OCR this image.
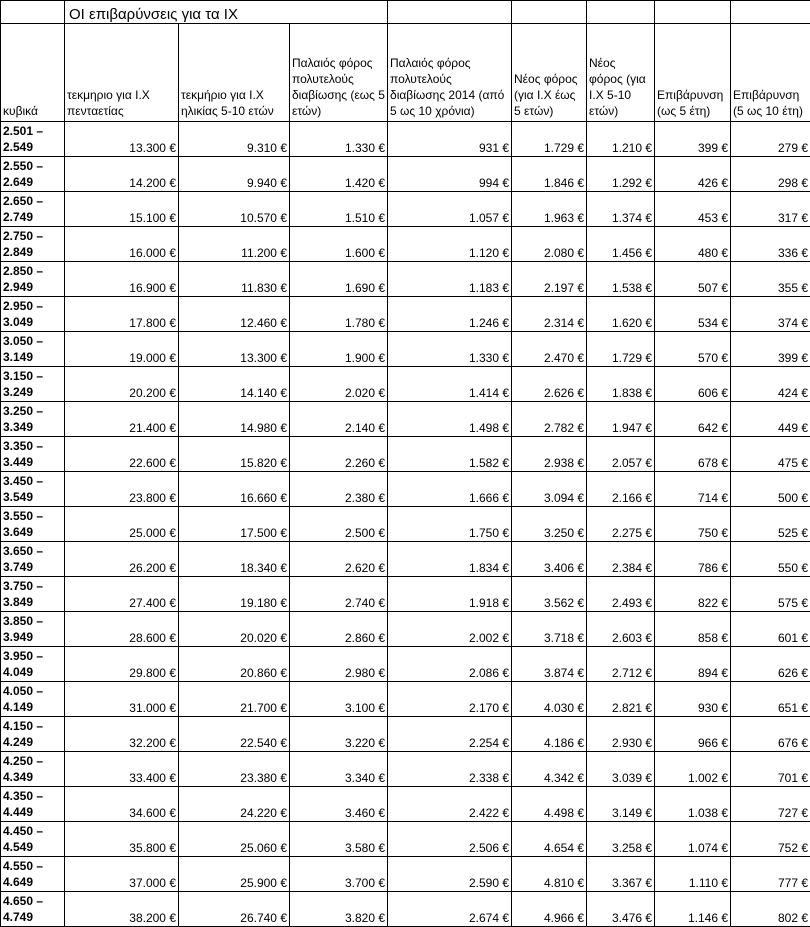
	ΟΙ επιβαρύνσεις για τα ΙΧ							
κυβικά	τεκμηριο για Ι.Χ πενταετίας	τεκμήριο για Ι.Χ ηλικίας 5-10 ετών	Παλαιός φόρος πολυτελούς διαβίωσης (εως 5 ετών)	Παλαιός φόρος πολυτελούς διαβίωσης 2014 (από 5 ως 10 χρόνια)	Νέος φόρος (για Ι.Χ έως 5 ετών)	Νέος φόρος (για Ι.Χ 5-10 ετών)	Επιβάρυνση (ως 5 έτη)	Επιβάρυνση (5 ως 10 έτη)
2.501 – 2.549	13.300 €	9.310 €	1.330 €	931 €	1.729 €	1.210 €	399 €	279 €
2.550 – 2.649	14.200 €	9.940 €	1.420 €	994 €	1.846 €	1.292 €	426 €	298 €
2.650 – 2.749	15.100 €	10.570 €	1.510 €	1.057 €	1.963 €	1.374 €	453 €	317 €
2.750 – 2.849	16.000 €	11.200 €	1.600 €	1.120 €	2.080 €	1.456 €	480 €	336 €
2.850 – 2.949	16.900 €	11.830 €	1.690 €	1.183 €	2.197 €	1.538 €	507 €	355 €
2.950 – 3.049	17.800 €	12.460 €	1.780 €	1.246 €	2.314 €	1.620 €	534 €	374 €
3.050 – 3.149	19.000 €	13.300 €	1.900 €	1.330 €	2.470 €	1.729 €	570 €	399 €
3.150 – 3.249	20.200 €	14.140 €	2.020 €	1.414 €	2.626 €	1.838 €	606 €	424 €
3.250 – 3.349	21.400 €	14.980 €	2.140 €	1.498 €	2.782 €	1.947 €	642 €	449 €
3.350 – 3.449	22.600 €	15.820 €	2.260 €	1.582 €	2.938 €	2.057 €	678 €	475 €
3.450 – 3.549	23.800 €	16.660 €	2.380 €	1.666 €	3.094 €	2.166 €	714 €	500 €
3.550 – 3.649	25.000 €	17.500 €	2.500 €	1.750 €	3.250 €	2.275 €	750 €	525 €
3.650 – 3.749	26.200 €	18.340 €	2.620 €	1.834 €	3.406 €	2.384 €	786 €	550 €
3.750 – 3.849	27.400 €	19.180 €	2.740 €	1.918 €	3.562 €	2.493 €	822 €	575 €
3.850 – 3.949	28.600 €	20.020 €	2.860 €	2.002 €	3.718 €	2.603 €	858 €	601 €
3.950 – 4.049	29.800 €	20.860 €	2.980 €	2.086 €	3.874 €	2.712 €	894 €	626 €
4.050 – 4.149	31.000 €	21.700 €	3.100 €	2.170 €	4.030 €	2.821 €	930 €	651 €
4.150 – 4.249	32.200 €	22.540 €	3.220 €	2.254 €	4.186 €	2.930 €	966 €	676 €
4.250 – 4.349	33.400 €	23.380 €	3.340 €	2.338 €	4.342 €	3.039 €	1.002 €	701 €
4.350 – 4.449	34.600 €	24.220 €	3.460 €	2.422 €	4.498 €	3.149 €	1.038 €	727 €
4.450 – 4.549	35.800 €	25.060 €	3.580 €	2.506 €	4.654 €	3.258 €	1.074 €	752 €
4.550 – 4.649	37.000 €	25.900 €	3.700 €	2.590 €	4.810 €	3.367 €	1.110 €	777 €
4.650 – 4.749	38.200 €	26.740 €	3.820 €	2.674 €	4.966 €	3.476 €	1.146 €	802 €
